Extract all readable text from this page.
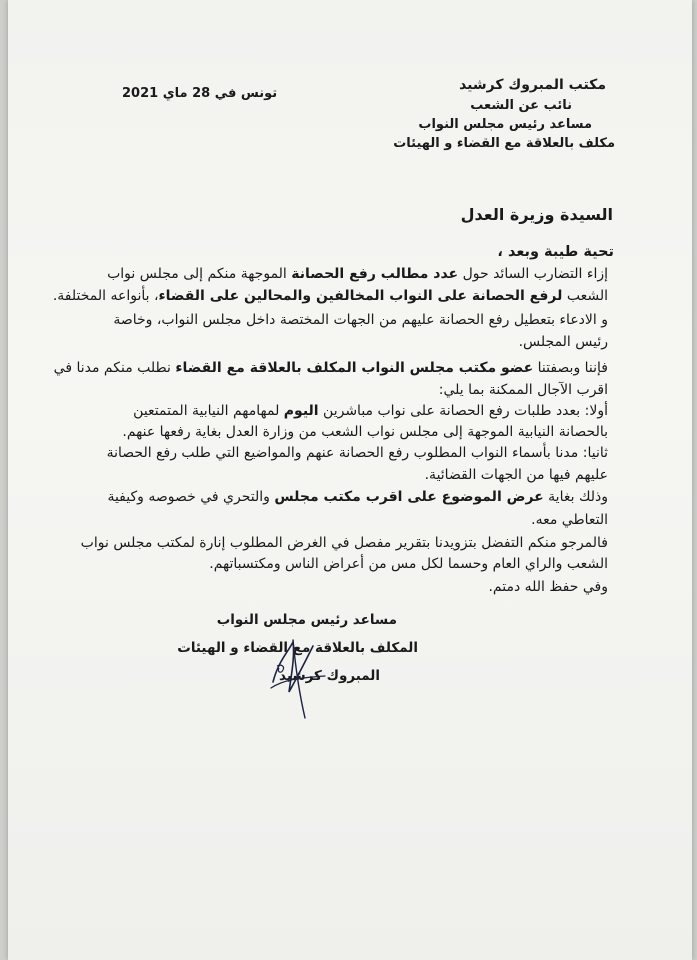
مكتب المبروك كرشيد
نائب عن الشعب
مساعد رئيس مجلس النواب
مكلف بالعلاقة مع القضاء و الهيئات
تونس في 28 ماي 2021
السيدة وزيرة العدل
تحية طيبة وبعد ،
إزاء التضارب السائد حول عدد مطالب رفع الحصانة الموجهة منكم إلى مجلس نواب
الشعب لرفع الحصانة على النواب المخالفين والمحالين على القضاء، بأنواعه المختلفة.
و الادعاء بتعطيل رفع الحصانة عليهم من الجهات المختصة داخل مجلس النواب، وخاصة
رئيس المجلس.
فإننا وبصفتنا عضو مكتب مجلس النواب المكلف بالعلاقة مع القضاء نطلب منكم مدنا في
اقرب الآجال الممكنة بما يلي:
أولا: بعدد طلبات رفع الحصانة على نواب مباشرين اليوم لمهامهم النيابية المتمتعين
بالحصانة النيابية الموجهة إلى مجلس نواب الشعب من وزارة العدل بغاية رفعها عنهم.
ثانيا: مدنا بأسماء النواب المطلوب رفع الحصانة عنهم والمواضيع التي طلب رفع الحصانة
عليهم فيها من الجهات القضائية.
وذلك بغاية عرض الموضوع على اقرب مكتب مجلس والتحري في خصوصه وكيفية
التعاطي معه.
فالمرجو منكم التفضل بتزويدنا بتقرير مفصل في الغرض المطلوب إنارة لمكتب مجلس نواب
الشعب والراي العام وحسما لكل مس من أعراض الناس ومكتسباتهم.
وفي حفظ الله دمتم.
مساعد رئيس مجلس النواب
المكلف بالعلاقة مع القضاء و الهيئات
المبروك كرشيد
